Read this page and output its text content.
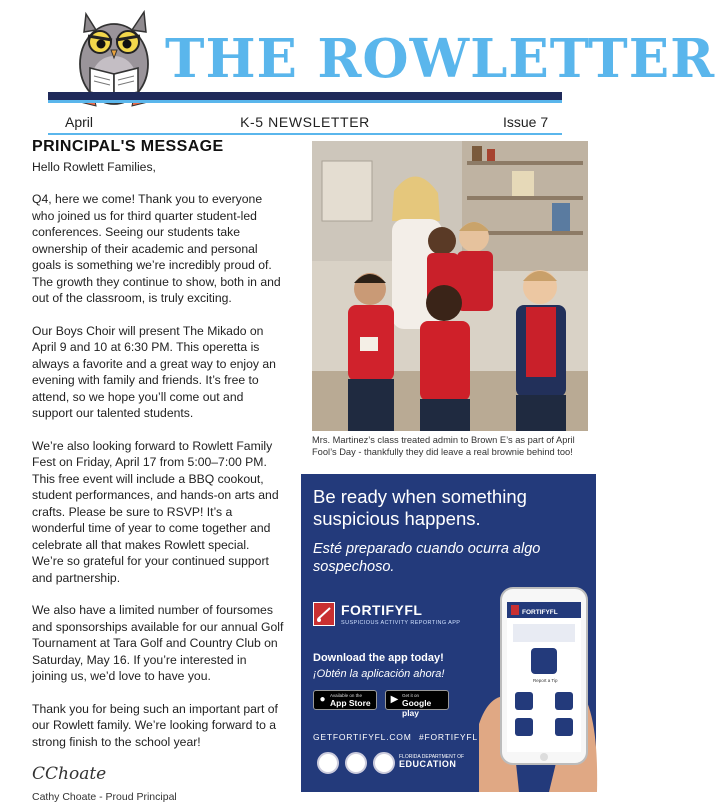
THE ROWLETTER
K-5 NEWSLETTER
April	Issue 7
PRINCIPAL'S MESSAGE
Hello Rowlett Families,
Q4, here we come! Thank you to everyone who joined us for third quarter student-led conferences. Seeing our students take ownership of their academic and personal goals is something we’re incredibly proud of. The growth they continue to show, both in and out of the classroom, is truly exciting.
Our Boys Choir will present The Mikado on April 9 and 10 at 6:30 PM. This operetta is always a favorite and a great way to enjoy an evening with family and friends. It’s free to attend, so we hope you’ll come out and support our talented students.
We’re also looking forward to Rowlett Family Fest on Friday, April 17 from 5:00–7:00 PM. This free event will include a BBQ cookout, student performances, and hands-on arts and crafts. Please be sure to RSVP! It’s a wonderful time of year to come together and celebrate all that makes Rowlett special. We’re so grateful for your continued support and partnership.
We also have a limited number of foursomes and sponsorships available for our annual Golf Tournament at Tara Golf and Country Club on Saturday, May 16. If you’re interested in joining us, we’d love to have you.
Thank you for being such an important part of our Rowlett family. We’re looking forward to a strong finish to the school year!
CChoate
Cathy Choate - Proud Principal
Mrs. Martinez’s class treated admin to Brown E’s as part of April Fool’s Day - thankfully they did leave a real brownie behind too!
Be ready when something suspicious happens.
Esté preparado cuando ocurra algo sospechoso.
FORTIFYFL
SUSPICIOUS ACTIVITY REPORTING APP
Download the app today!
¡Obtén la aplicación ahora!
● Available on the
App Store ▶ Get it on
Google play
GETFORTIFYFL.COM #FORTIFYFL
FLORIDA DEPARTMENT OF
EDUCATION
FORTIFYFL
Report a Tip
